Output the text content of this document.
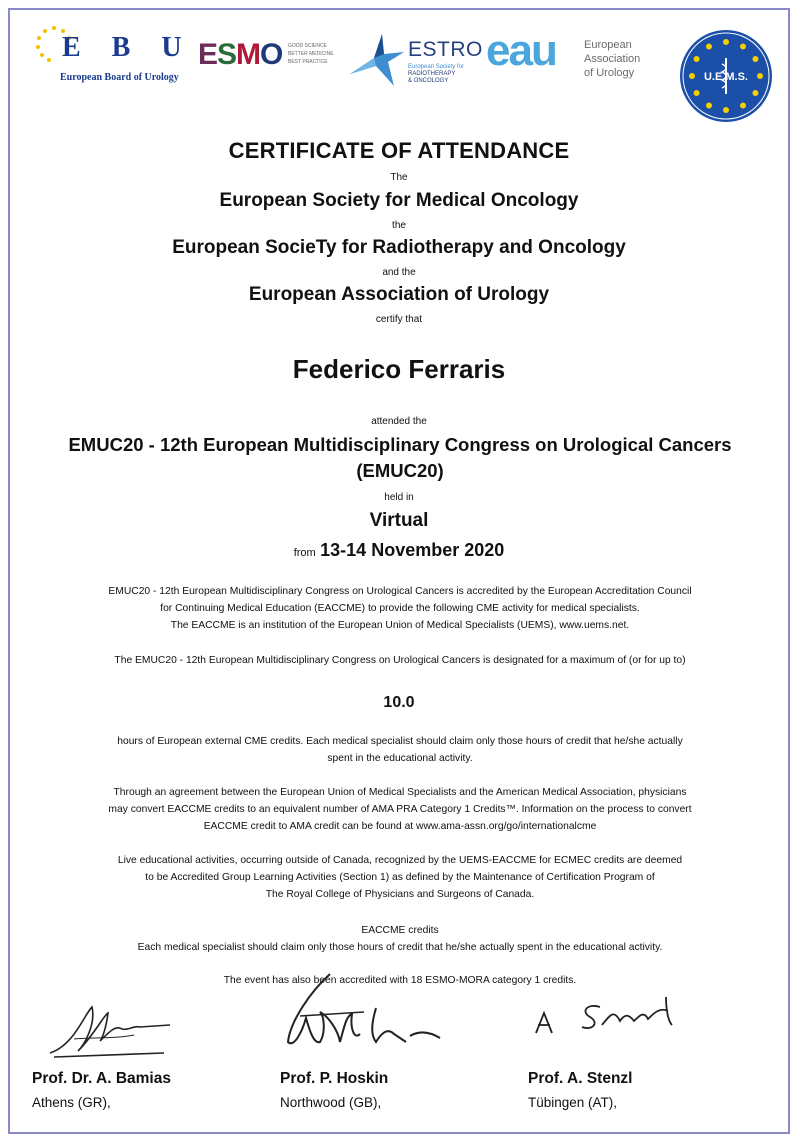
E B U
European Board of Urology
ESMO GOOD SCIENCE
BETTER MEDICINE
BEST PRACTICE
ESTRO
European Society for
RADIOTHERAPY
& ONCOLOGY
eau	European
Association
of Urology	U.E.M.S.
CERTIFICATE OF ATTENDANCE
The
European Society for Medical Oncology
the
European SocieTy for Radiotherapy and Oncology
and the
European Association of Urology
certify that
Federico Ferraris
attended the
EMUC20 - 12th European Multidisciplinary Congress on Urological Cancers
(EMUC20)
held in
Virtual
from 13-14 November 2020
EMUC20 - 12th European Multidisciplinary Congress on Urological Cancers is accredited by the European Accreditation Council
for Continuing Medical Education (EACCME) to provide the following CME activity for medical specialists.
The EACCME is an institution of the European Union of Medical Specialists (UEMS), www.uems.net.
The EMUC20 - 12th European Multidisciplinary Congress on Urological Cancers is designated for a maximum of (or for up to)
10.0
hours of European external CME credits. Each medical specialist should claim only those hours of credit that he/she actually
spent in the educational activity.
Through an agreement between the European Union of Medical Specialists and the American Medical Association, physicians
may convert EACCME credits to an equivalent number of AMA PRA Category 1 Credits™. Information on the process to convert
EACCME credit to AMA credit can be found at www.ama-assn.org/go/internationalcme
Live educational activities, occurring outside of Canada, recognized by the UEMS-EACCME for ECMEC credits are deemed
to be Accredited Group Learning Activities (Section 1) as defined by the Maintenance of Certification Program of
The Royal College of Physicians and Surgeons of Canada.
EACCME credits
Each medical specialist should claim only those hours of credit that he/she actually spent in the educational activity.
The event has also been accredited with 18 ESMO-MORA category 1 credits.
Prof. Dr. A. Bamias
Athens (GR),
Prof. P. Hoskin
Northwood (GB),
Prof. A. Stenzl
Tübingen (AT),
